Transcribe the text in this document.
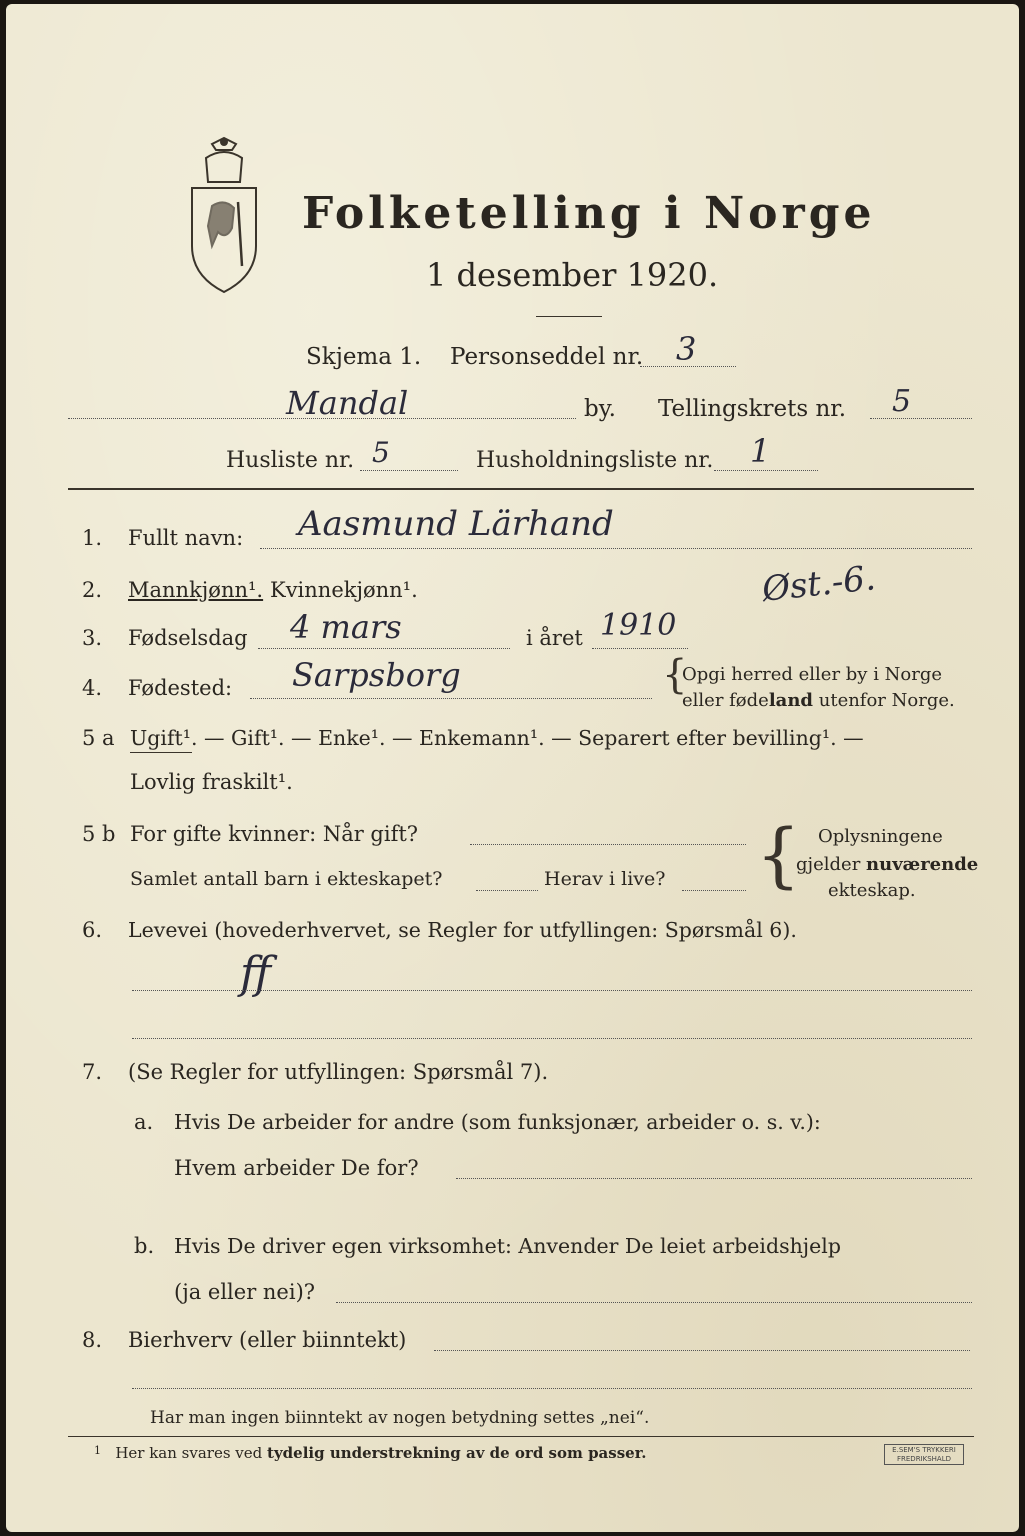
Folketelling i Norge
1 desember 1920.
Skjema 1. Personseddel nr. 3
Mandal	by. Tellingskrets nr. 5
Husliste nr. 5	Husholdningsliste nr. 1
1. Fullt navn: Aasmund Lärhand
2. Mannkjønn¹. Kvinnekjønn¹.	Øst.-6.
3. Fødselsdag 4 mars	i året 1910
4. Fødested: Sarpsborg	{
Opgi herred eller by i Norge
eller fødeland utenfor Norge.
5 a Ugift¹. — Gift¹. — Enke¹. — Enkemann¹. — Separert efter bevilling¹. —
Lovlig fraskilt¹.
5 b For gifte kvinner: Når gift?
Samlet antall barn i ekteskapet?	Herav i live? { Oplysningene
gjelder nuværende
ekteskap.
6. Levevei (hovederhvervet, se Regler for utfyllingen: Spørsmål 6).
ff
7. (Se Regler for utfyllingen: Spørsmål 7).
a. Hvis De arbeider for andre (som funksjonær, arbeider o. s. v.):
Hvem arbeider De for?
b. Hvis De driver egen virksomhet: Anvender De leiet arbeidshjelp
(ja eller nei)?
8. Bierhverv (eller biinntekt)
Har man ingen biinntekt av nogen betydning settes „nei“.
$^1$ Her kan svares ved tydelig understrekning av de ord som passer.	E.SEM'S TRYKKERI FREDRIKSHALD
